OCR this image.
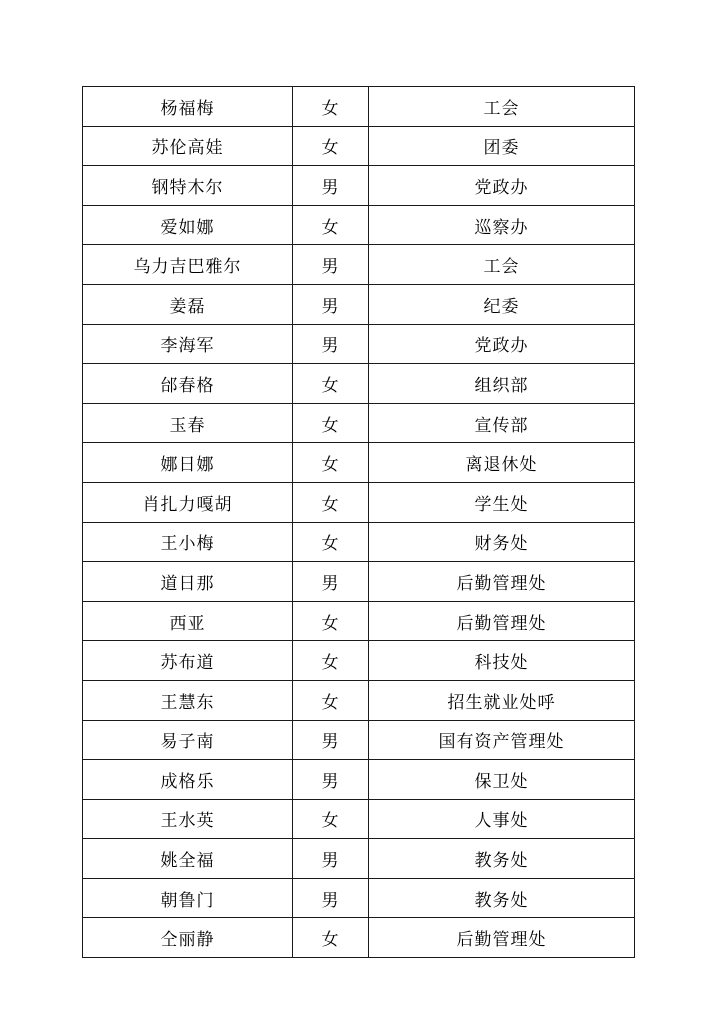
杨福梅	女	工会
苏伦高娃	女	团委
钢特木尔	男	党政办
爱如娜	女	巡察办
乌力吉巴雅尔	男	工会
姜磊	男	纪委
李海军	男	党政办
邰春格	女	组织部
玉春	女	宣传部
娜日娜	女	离退休处
肖扎力嘎胡	女	学生处
王小梅	女	财务处
道日那	男	后勤管理处
西亚	女	后勤管理处
苏布道	女	科技处
王慧东	女	招生就业处呼
易子南	男	国有资产管理处
成格乐	男	保卫处
王水英	女	人事处
姚全福	男	教务处
朝鲁门	男	教务处
仝丽静	女	后勤管理处
